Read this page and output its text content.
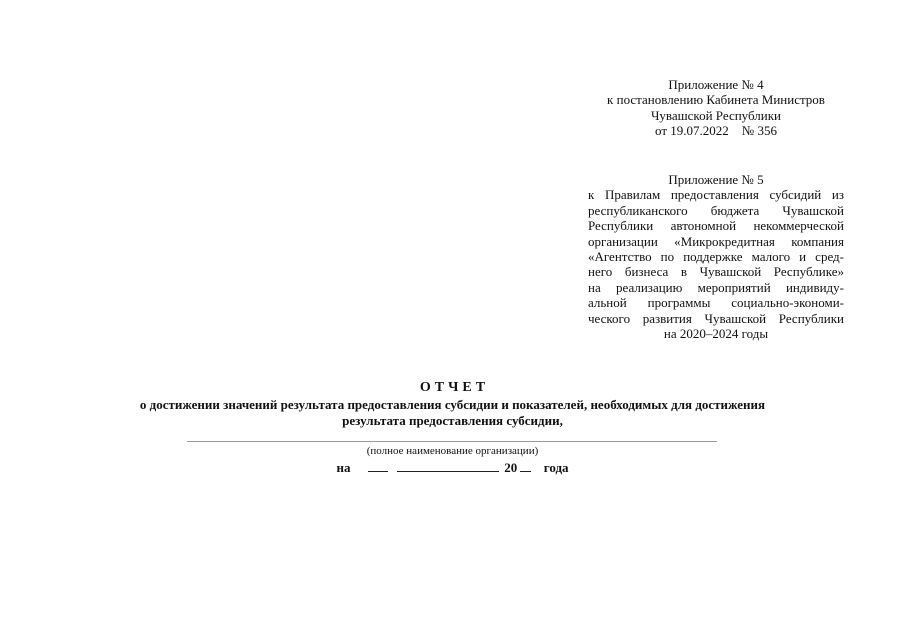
Приложение № 4
к постановлению Кабинета Министров
Чувашской Республики
от 19.07.2022    № 356
Приложение № 5
к Правилам предоставления субсидий из
республиканского бюджета Чувашской
Республики автономной некоммерческой
организации «Микрокредитная компания
«Агентство по поддержке малого и сред-
него бизнеса в Чувашской Республике»
на реализацию мероприятий индивиду-
альной программы социально-экономи-
ческого развития Чувашской Республики
на 2020–2024 годы
ОТЧЕТ
о достижении значений результата предоставления субсидии и показателей, необходимых для достижения
результата предоставления субсидии,
(полное наименование организации)
на	20 года
